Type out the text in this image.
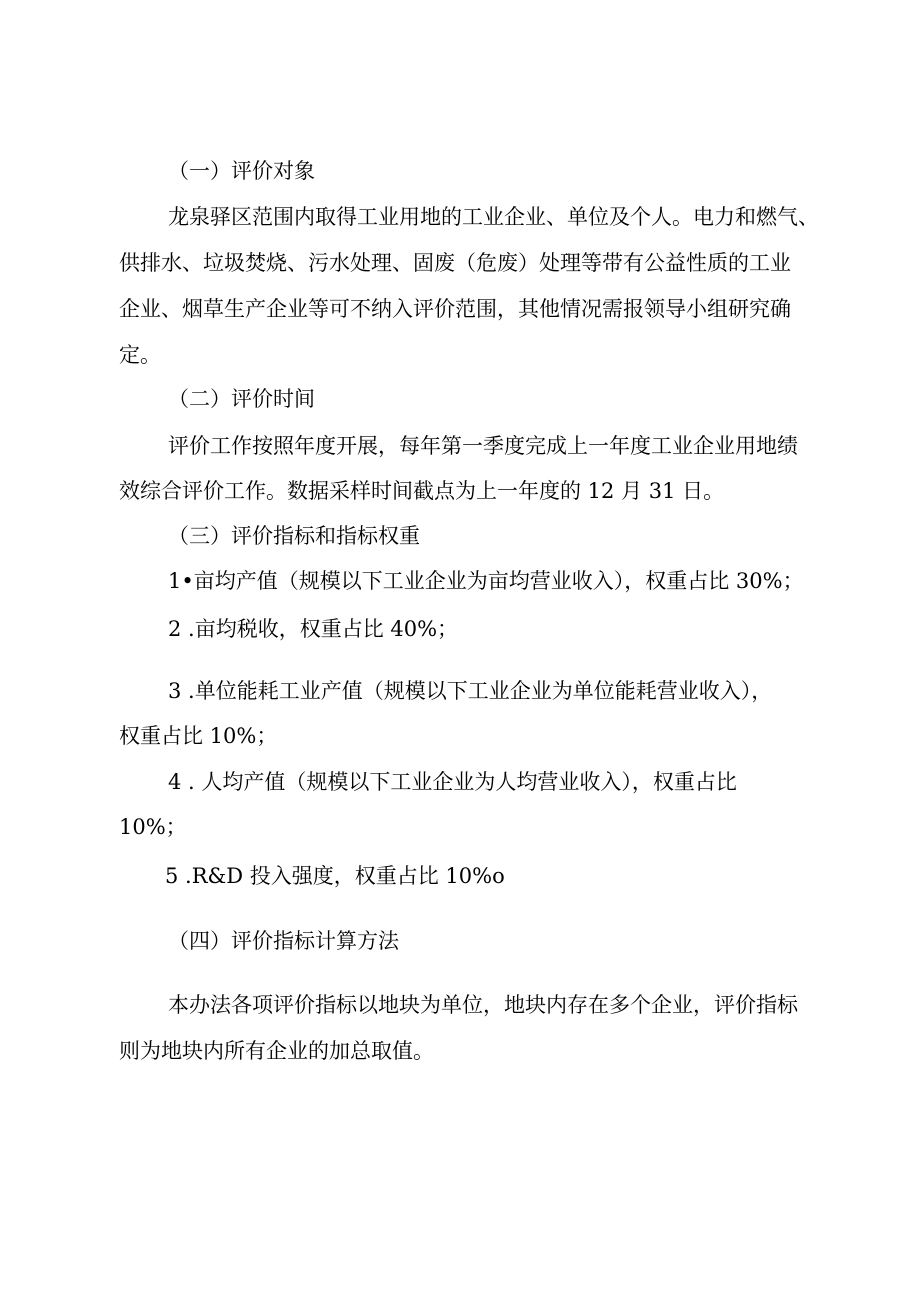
（一）评价对象
龙泉驿区范围内取得工业用地的工业企业、单位及个人。电力和燃气、
供排水、垃圾焚烧、污水处理、固废（危废）处理等带有公益性质的工业
企业、烟草生产企业等可不纳入评价范围，其他情况需报领导小组研究确
定。
（二）评价时间
评价工作按照年度开展，每年第一季度完成上一年度工业企业用地绩
效综合评价工作。数据采样时间截点为上一年度的 12 月 31 日。
（三）评价指标和指标权重
1•亩均产值（规模以下工业企业为亩均营业收入），权重占比 30%；
2 .亩均税收，权重占比 40%；
3 .单位能耗工业产值（规模以下工业企业为单位能耗营业收入），
权重占比 10%；
4 . 人均产值（规模以下工业企业为人均营业收入），权重占比
10%；
5 .R&D 投入强度，权重占比 10%o
（四）评价指标计算方法
本办法各项评价指标以地块为单位，地块内存在多个企业，评价指标
则为地块内所有企业的加总取值。
